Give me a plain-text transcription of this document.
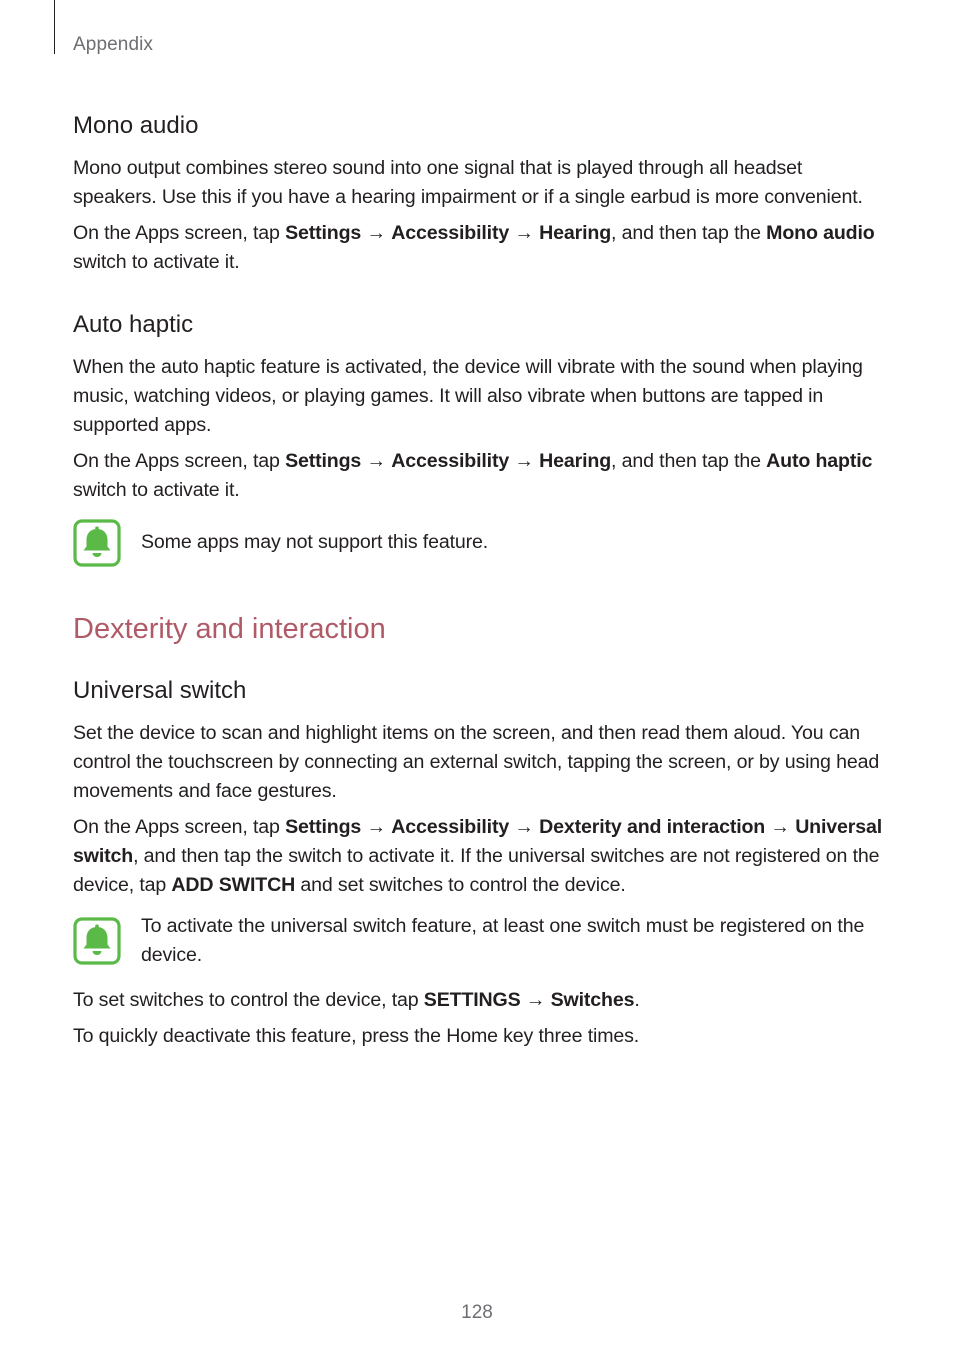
Appendix
Mono audio

Mono output combines stereo sound into one signal that is played through all headset speakers. Use this if you have a hearing impairment or if a single earbud is more convenient.

On the Apps screen, tap Settings → Accessibility → Hearing, and then tap the Mono audio switch to activate it.

Auto haptic

When the auto haptic feature is activated, the device will vibrate with the sound when playing music, watching videos, or playing games. It will also vibrate when buttons are tapped in supported apps.

On the Apps screen, tap Settings → Accessibility → Hearing, and then tap the Auto haptic switch to activate it.

Some apps may not support this feature.
Dexterity and interaction
Universal switch

Set the device to scan and highlight items on the screen, and then read them aloud. You can control the touchscreen by connecting an external switch, tapping the screen, or by using head movements and face gestures.

On the Apps screen, tap Settings → Accessibility → Dexterity and interaction → Universal switch, and then tap the switch to activate it. If the universal switches are not registered on the device, tap ADD SWITCH and set switches to control the device.

To activate the universal switch feature, at least one switch must be registered on the device.

To set switches to control the device, tap SETTINGS → Switches.

To quickly deactivate this feature, press the Home key three times.

128
